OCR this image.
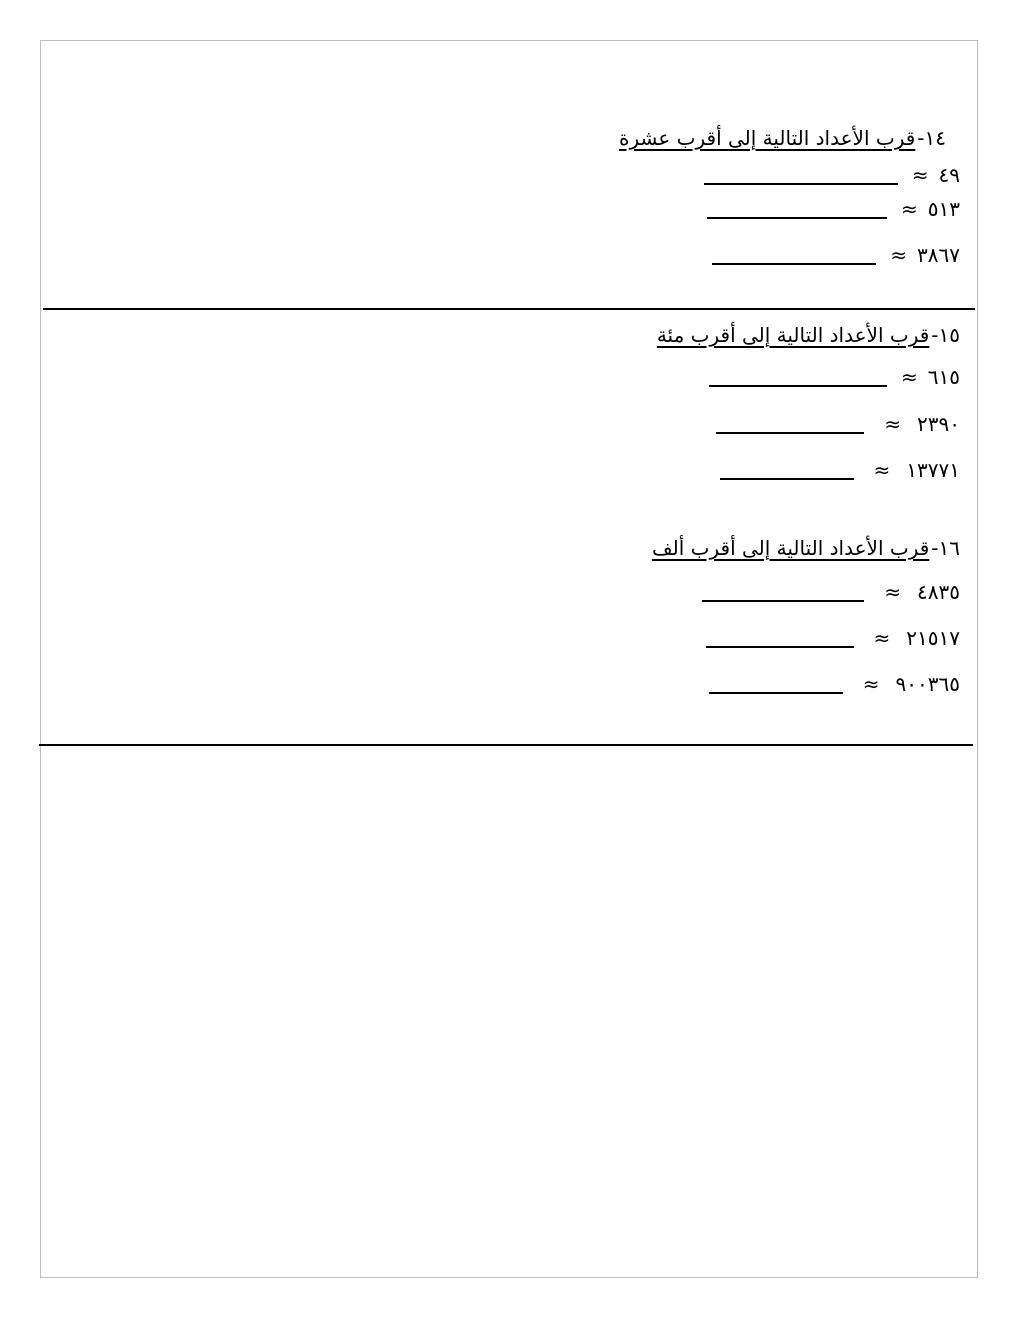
١٤-
قرب الأعداد التالية إلى أقرب عشرة
٤٩
≈
٥١٣
≈
٣٨٦٧
≈
١٥-
قرب الأعداد التالية إلى أقرب مئة
٦١٥
≈
٢٣٩٠
≈
١٣٧٧١
≈
١٦-
قرب الأعداد التالية إلى أقرب ألف
٤٨٣٥
≈
٢١٥١٧
≈
٩٠٠٣٦٥
≈
